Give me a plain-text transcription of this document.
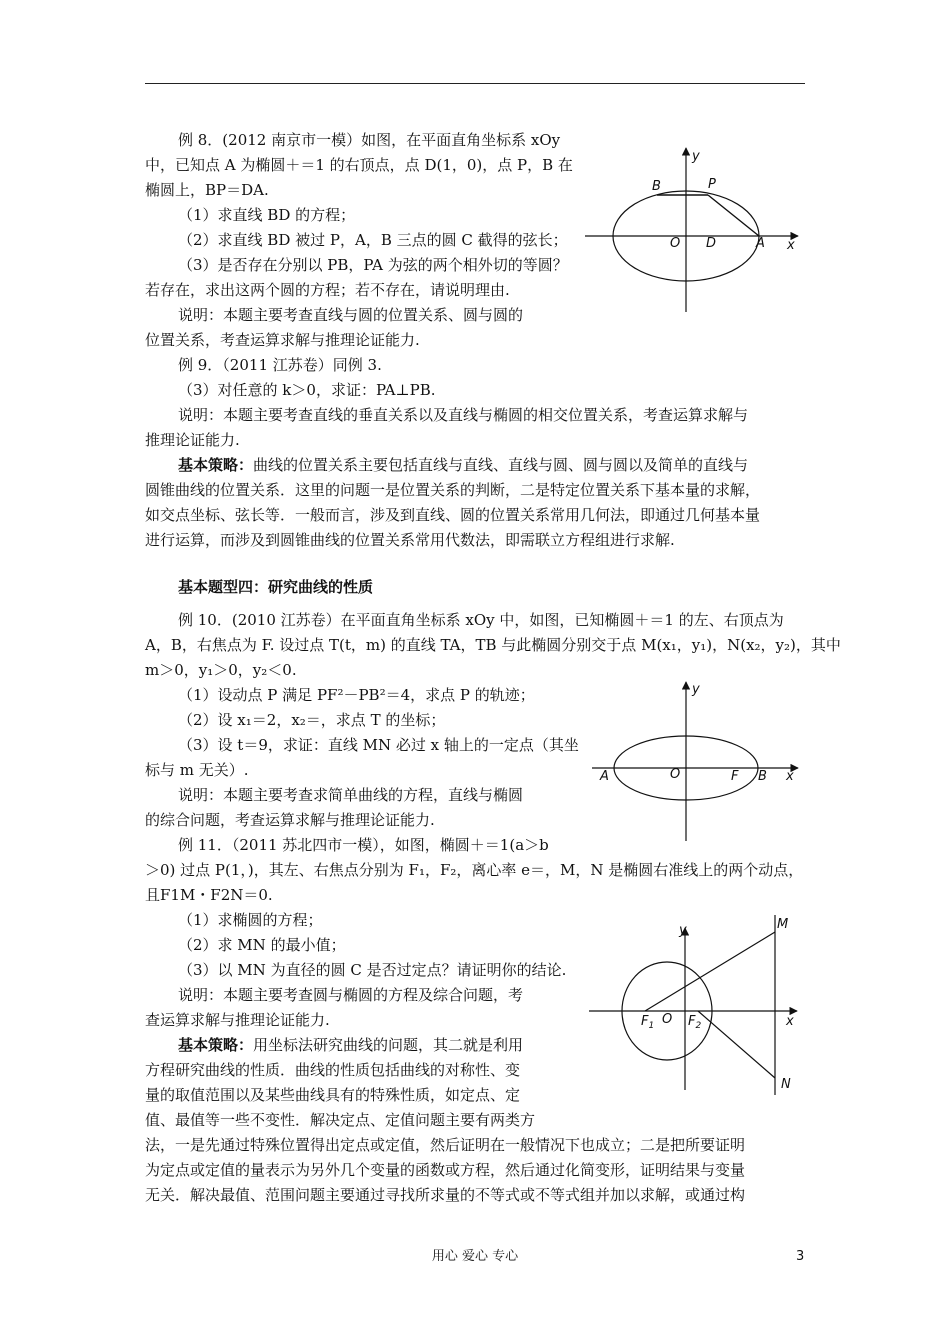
例 8．(2012 南京市一模）如图，在平面直角坐标系 xOy
中，已知点 A 为椭圆＋＝1 的右顶点，点 D(1，0)，点 P，B 在
椭圆上，BP＝DA.
（1）求直线 BD 的方程；
（2）求直线 BD 被过 P，A，B 三点的圆 C 截得的弦长；
（3）是否存在分别以 PB，PA 为弦的两个相外切的等圆？
若存在，求出这两个圆的方程；若不存在，请说明理由.
说明：本题主要考查直线与圆的位置关系、圆与圆的
位置关系，考查运算求解与推理论证能力.
例 9．（2011 江苏卷）同例 3.
（3）对任意的 k＞0，求证：PA⊥PB.
说明：本题主要考查直线的垂直关系以及直线与椭圆的相交位置关系，考查运算求解与
推理论证能力.
基本策略：曲线的位置关系主要包括直线与直线、直线与圆、圆与圆以及简单的直线与
圆锥曲线的位置关系．这里的问题一是位置关系的判断，二是特定位置关系下基本量的求解，
如交点坐标、弦长等．一般而言，涉及到直线、圆的位置关系常用几何法，即通过几何基本量
进行运算，而涉及到圆锥曲线的位置关系常用代数法，即需联立方程组进行求解.
基本题型四：研究曲线的性质
例 10．(2010 江苏卷）在平面直角坐标系 xOy 中，如图，已知椭圆＋＝1 的左、右顶点为
A，B，右焦点为 F. 设过点 T(t，m) 的直线 TA，TB 与此椭圆分别交于点 M(x₁，y₁)，N(x₂，y₂)，其中
m＞0，y₁＞0，y₂＜0.
（1）设动点 P 满足 PF²－PB²＝4，求点 P 的轨迹；
（2）设 x₁＝2，x₂＝，求点 T 的坐标；
（3）设 t＝9，求证：直线 MN 必过 x 轴上的一定点（其坐
标与 m 无关）.
说明：本题主要考查求简单曲线的方程，直线与椭圆
的综合问题，考查运算求解与推理论证能力.
例 11．（2011 苏北四市一模），如图，椭圆＋＝1(a＞b
＞0) 过点 P(1，)，其左、右焦点分别为 F₁，F₂，离心率 e＝，M，N 是椭圆右准线上的两个动点，
且F1M・F2N＝0.
（1）求椭圆的方程；
（2）求 MN 的最小值；
（3）以 MN 为直径的圆 C 是否过定点？请证明你的结论.
说明：本题主要考查圆与椭圆的方程及综合问题，考
查运算求解与推理论证能力.
基本策略：用坐标法研究曲线的问题，其二就是利用
方程研究曲线的性质．曲线的性质包括曲线的对称性、变
量的取值范围以及某些曲线具有的特殊性质，如定点、定
值、最值等一些不变性．解决定点、定值问题主要有两类方
法，一是先通过特殊位置得出定点或定值，然后证明在一般情况下也成立；二是把所要证明
为定点或定值的量表示为另外几个变量的函数或方程，然后通过化简变形，证明结果与变量
无关．解决最值、范围问题主要通过寻找所求量的不等式或不等式组并加以求解，或通过构
y
x
B	P
O D	A
y
x
A	O	F B
y
x
M
N
$F_1$ O $F_2$
用心 爱心 专心	3
